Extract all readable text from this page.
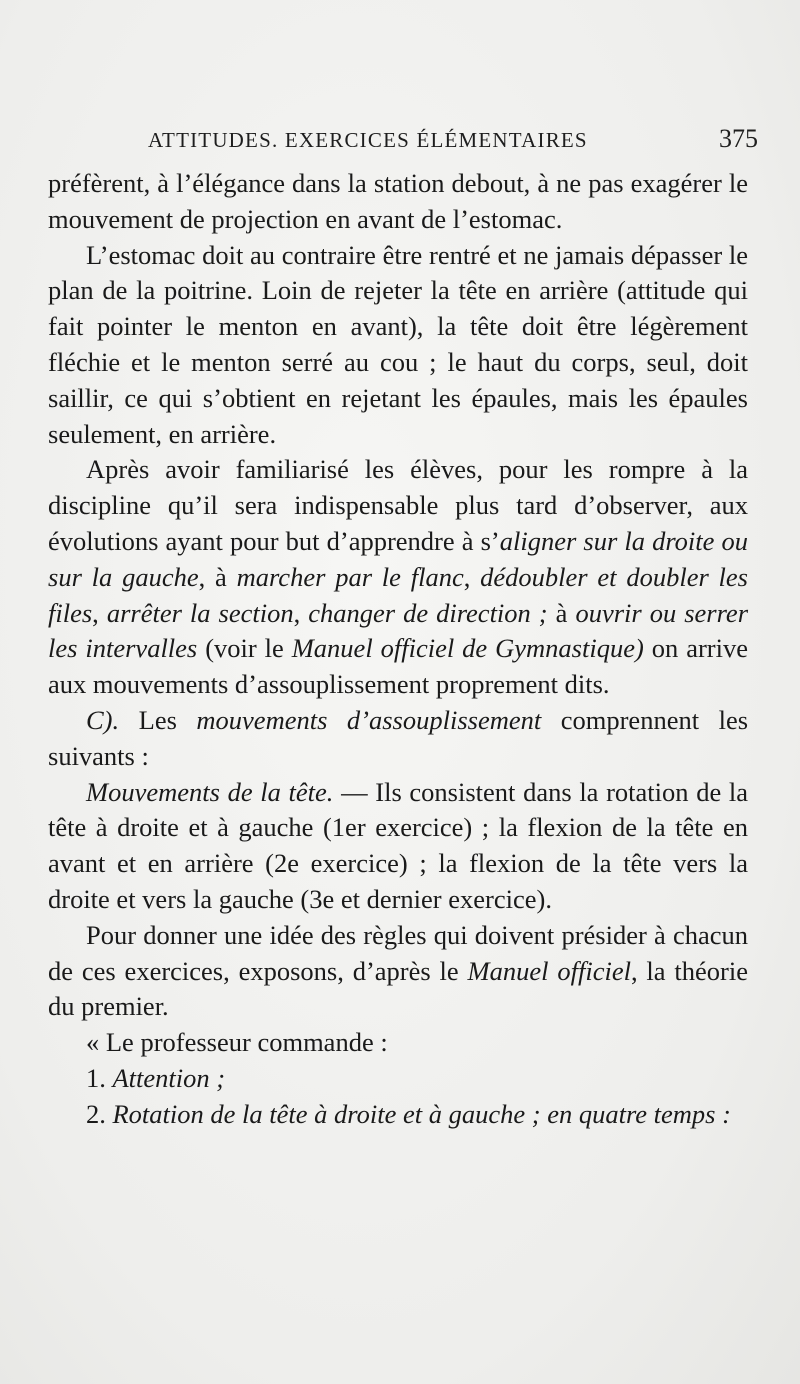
ATTITUDES. EXERCICES ÉLÉMENTAIRES	375

préfèrent, à l’élégance dans la station debout, à ne pas exagérer le mouvement de projection en avant de l’estomac.

L’estomac doit au contraire être rentré et ne jamais dépasser le plan de la poitrine. Loin de rejeter la tête en arrière (attitude qui fait pointer le menton en avant), la tête doit être légèrement fléchie et le menton serré au cou ; le haut du corps, seul, doit saillir, ce qui s’obtient en rejetant les épaules, mais les épaules seulement, en arrière.

Après avoir familiarisé les élèves, pour les rompre à la discipline qu’il sera indispensable plus tard d’observer, aux évolutions ayant pour but d’apprendre à s’aligner sur la droite ou sur la gauche, à marcher par le flanc, dédoubler et doubler les files, arrêter la section, changer de direction ; à ouvrir ou serrer les intervalles (voir le Manuel officiel de Gymnastique) on arrive aux mouvements d’assouplissement proprement dits.

C). Les mouvements d’assouplissement comprennent les suivants :

Mouvements de la tête. — Ils consistent dans la rotation de la tête à droite et à gauche (1er exercice) ; la flexion de la tête en avant et en arrière (2e exercice) ; la flexion de la tête vers la droite et vers la gauche (3e et dernier exercice).

Pour donner une idée des règles qui doivent présider à chacun de ces exercices, exposons, d’après le Manuel officiel, la théorie du premier.

« Le professeur commande :

1. Attention ;

2. Rotation de la tête à droite et à gauche ; en quatre temps :
